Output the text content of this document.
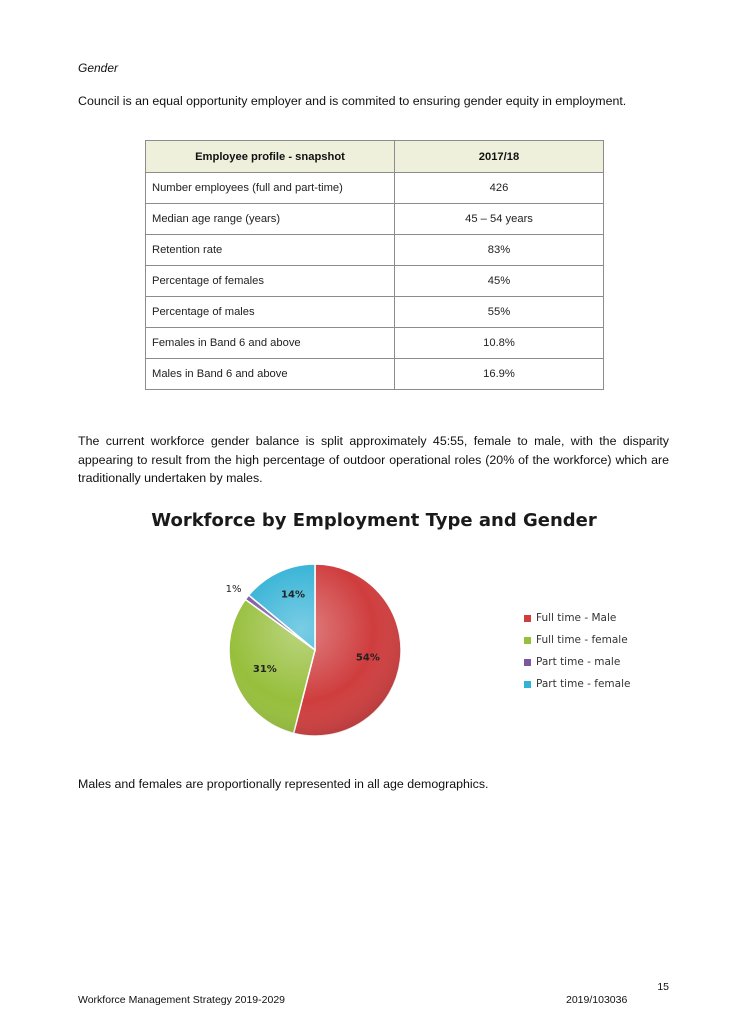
Gender
Council is an equal opportunity employer and is commited to ensuring gender equity in employment.
Employee profile - snapshot	2017/18
Number employees (full and part-time)	426
Median age range (years)	45 – 54 years
Retention rate	83%
Percentage of females	45%
Percentage of males	55%
Females in Band 6 and above	10.8%
Males in Band 6 and above	16.9%
The current workforce gender balance is split approximately 45:55, female to male, with the disparity appearing to result from the high percentage of outdoor operational roles (20% of the workforce) which are traditionally undertaken by males.
Workforce by Employment Type and Gender
54%
31%
1%	14%
Full time - Male
Full time - female
Part time - male
Part time - female
Males and females are proportionally represented in all age demographics.
15
Workforce Management Strategy 2019-2029	2019/103036
